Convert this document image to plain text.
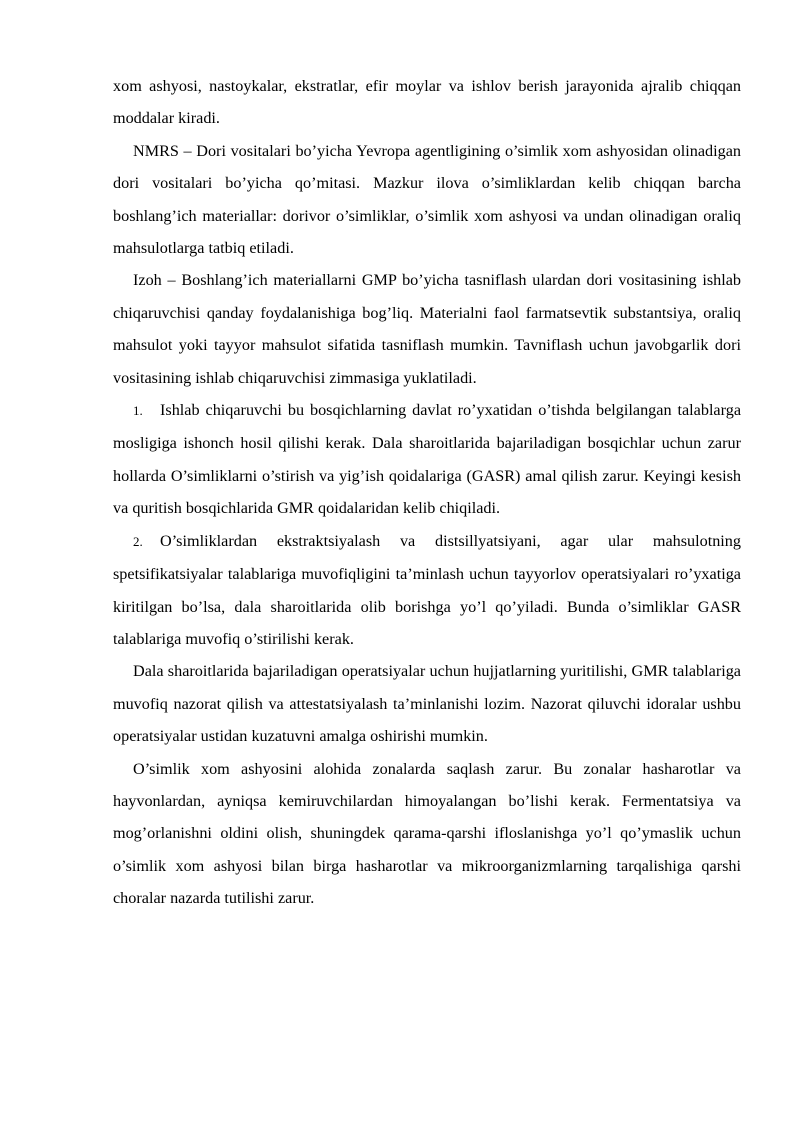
xom ashyosi, nastoykalar, ekstratlar, efir moylar va ishlov berish jarayonida ajralib chiqqan moddalar kiradi.

NMRS – Dori vositalari bo’yicha Yevropa agentligining o’simlik xom ashyosidan olinadigan dori vositalari bo’yicha qo’mitasi. Mazkur ilova o’simliklardan kelib chiqqan barcha boshlang’ich materiallar: dorivor o’simliklar, o’simlik xom ashyosi va undan olinadigan oraliq mahsulotlarga tatbiq etiladi.

Izoh – Boshlang’ich materiallarni GMP bo’yicha tasniflash ulardan dori vositasining ishlab chiqaruvchisi qanday foydalanishiga bog’liq. Materialni faol farmatsevtik substantsiya, oraliq mahsulot yoki tayyor mahsulot sifatida tasniflash mumkin. Tavniflash uchun javobgarlik dori vositasining ishlab chiqaruvchisi zimmasiga yuklatiladi.

1. Ishlab chiqaruvchi bu bosqichlarning davlat ro’yxatidan o’tishda belgilangan talablarga mosligiga ishonch hosil qilishi kerak. Dala sharoitlarida bajariladigan bosqichlar uchun zarur hollarda O’simliklarni o’stirish va yig’ish qoidalariga (GASR) amal qilish zarur. Keyingi kesish va quritish bosqichlarida GMR qoidalaridan kelib chiqiladi.

2. O’simliklardan ekstraktsiyalash va distsillyatsiyani, agar ular mahsulotning spetsifikatsiyalar talablariga muvofiqligini ta’minlash uchun tayyorlov operatsiyalari ro’yxatiga kiritilgan bo’lsa, dala sharoitlarida olib borishga yo’l qo’yiladi. Bunda o’simliklar GASR talablariga muvofiq o’stirilishi kerak.

Dala sharoitlarida bajariladigan operatsiyalar uchun hujjatlarning yuritilishi, GMR talablariga muvofiq nazorat qilish va attestatsiyalash ta’minlanishi lozim. Nazorat qiluvchi idoralar ushbu operatsiyalar ustidan kuzatuvni amalga oshirishi mumkin.

O’simlik xom ashyosini alohida zonalarda saqlash zarur. Bu zonalar hasharotlar va hayvonlardan, ayniqsa kemiruvchilardan himoyalangan bo’lishi kerak. Fermentatsiya va mog’orlanishni oldini olish, shuningdek qarama-qarshi ifloslanishga yo’l qo’ymaslik uchun o’simlik xom ashyosi bilan birga hasharotlar va mikroorganizmlarning tarqalishiga qarshi choralar nazarda tutilishi zarur.
